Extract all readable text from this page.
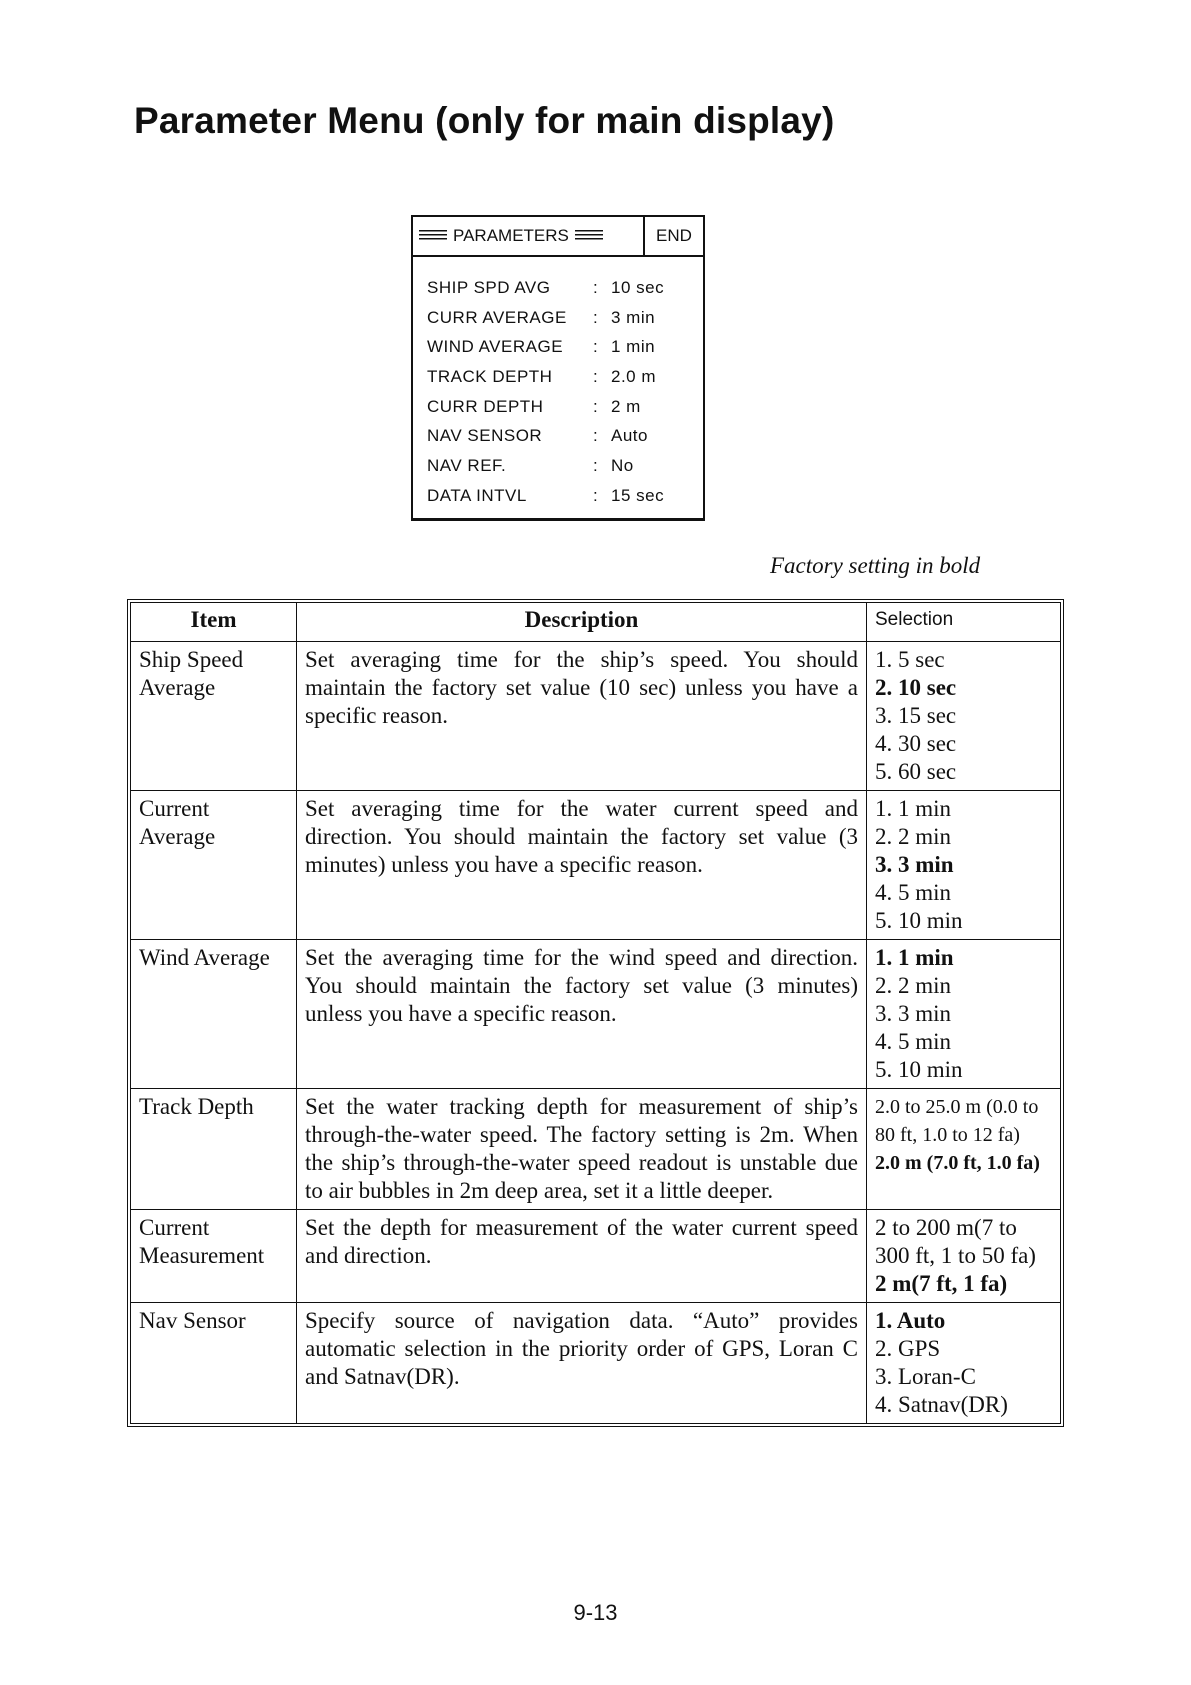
Parameter Menu (only for main display)
PARAMETERS	END
SHIP SPD AVG	: 10 sec
CURR AVERAGE	: 3 min
WIND AVERAGE	: 1 min
TRACK DEPTH	: 2.0 m
CURR DEPTH	: 2 m
NAV SENSOR	: Auto
NAV REF.	: No
DATA INTVL	: 15 sec
Factory setting in bold
Item	Description	Selection

Ship Speed
Average	Set averaging time for the ship’s speed. You should maintain the factory set value (10 sec) unless you have a specific reason.	1. 5 sec
2. 10 sec
3. 15 sec
4. 30 sec
5. 60 sec

Current
Average	Set averaging time for the water current speed and direction. You should maintain the factory set value (3 minutes) unless you have a specific reason.	1. 1 min
2. 2 min
3. 3 min
4. 5 min
5. 10 min

Wind Average	Set the averaging time for the wind speed and direction. You should maintain the factory set value (3 minutes) unless you have a specific reason.	1. 1 min
2. 2 min
3. 3 min
4. 5 min
5. 10 min

Track Depth	Set the water tracking depth for measurement of ship’s through-the-water speed. The factory setting is 2m. When the ship’s through-the-water speed readout is unstable due to air bubbles in 2m deep area, set it a little deeper.	2.0 to 25.0 m (0.0 to 80 ft, 1.0 to 12 fa)
2.0 m (7.0 ft, 1.0 fa)

Current
Measurement	Set the depth for measurement of the water current speed and direction.	2 to 200 m(7 to 300 ft, 1 to 50 fa)
2 m(7 ft, 1 fa)

Nav Sensor	Specify source of navigation data. “Auto” provides automatic selection in the priority order of GPS, Loran C and Satnav(DR).	1. Auto
2. GPS
3. Loran-C
4. Satnav(DR)
9-13
